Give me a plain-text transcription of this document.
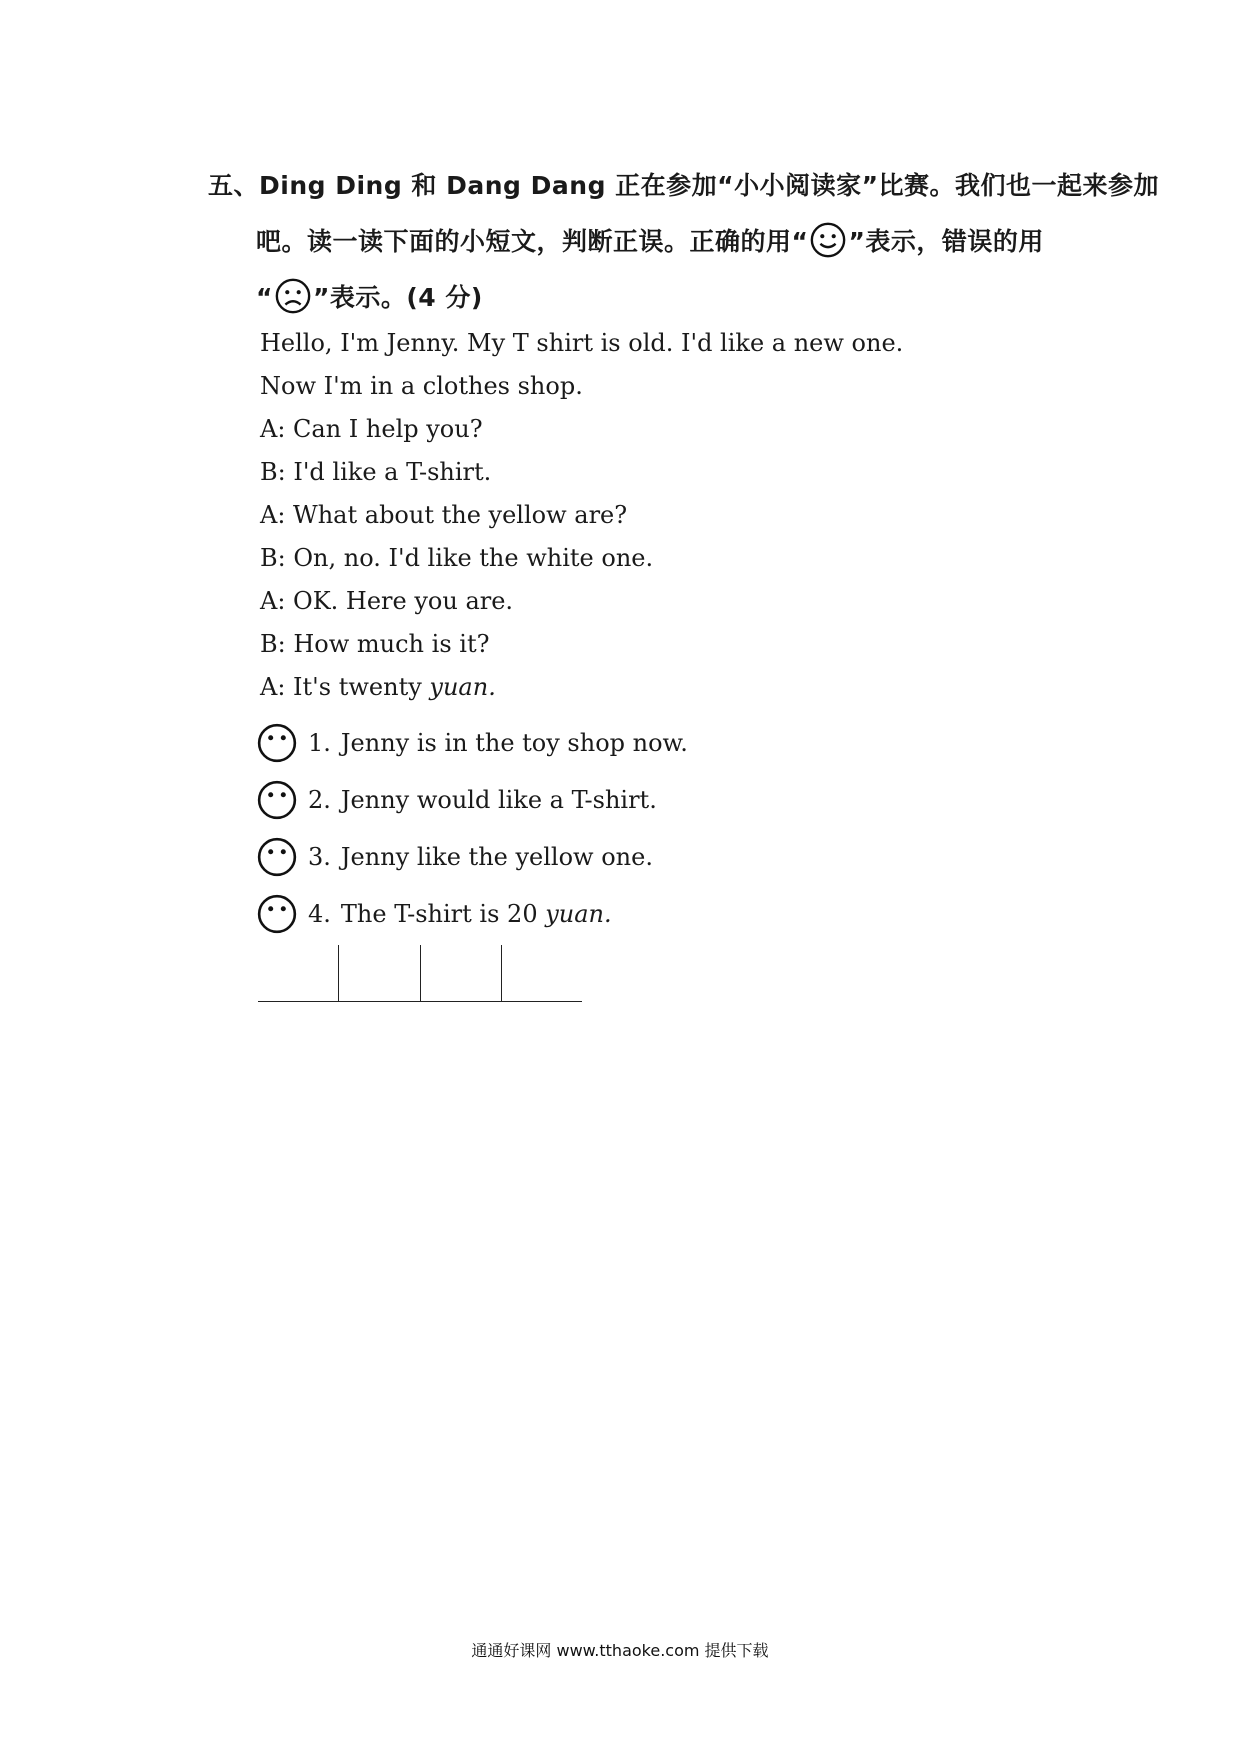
五、Ding Ding 和 Dang Dang 正在参加“小小阅读家”比赛。我们也一起来参加
吧。读一读下面的小短文，判断正误。正确的用“ ”表示，错误的用
“ ”表示。(4 分)
Hello, I'm Jenny. My T shirt is old. I'd like a new one.
Now I'm in a clothes shop.
A: Can I help you?
B: I'd like a T-shirt.
A: What about the yellow are?
B: On, no. I'd like the white one.
A: OK. Here you are.
B: How much is it?
A: It's twenty yuan.
1. Jenny is in the toy shop now.
2. Jenny would like a T-shirt.
3. Jenny like the yellow one.
4. The T-shirt is 20
yuan.
通通好课网 www.tthaoke.com 提供下载
